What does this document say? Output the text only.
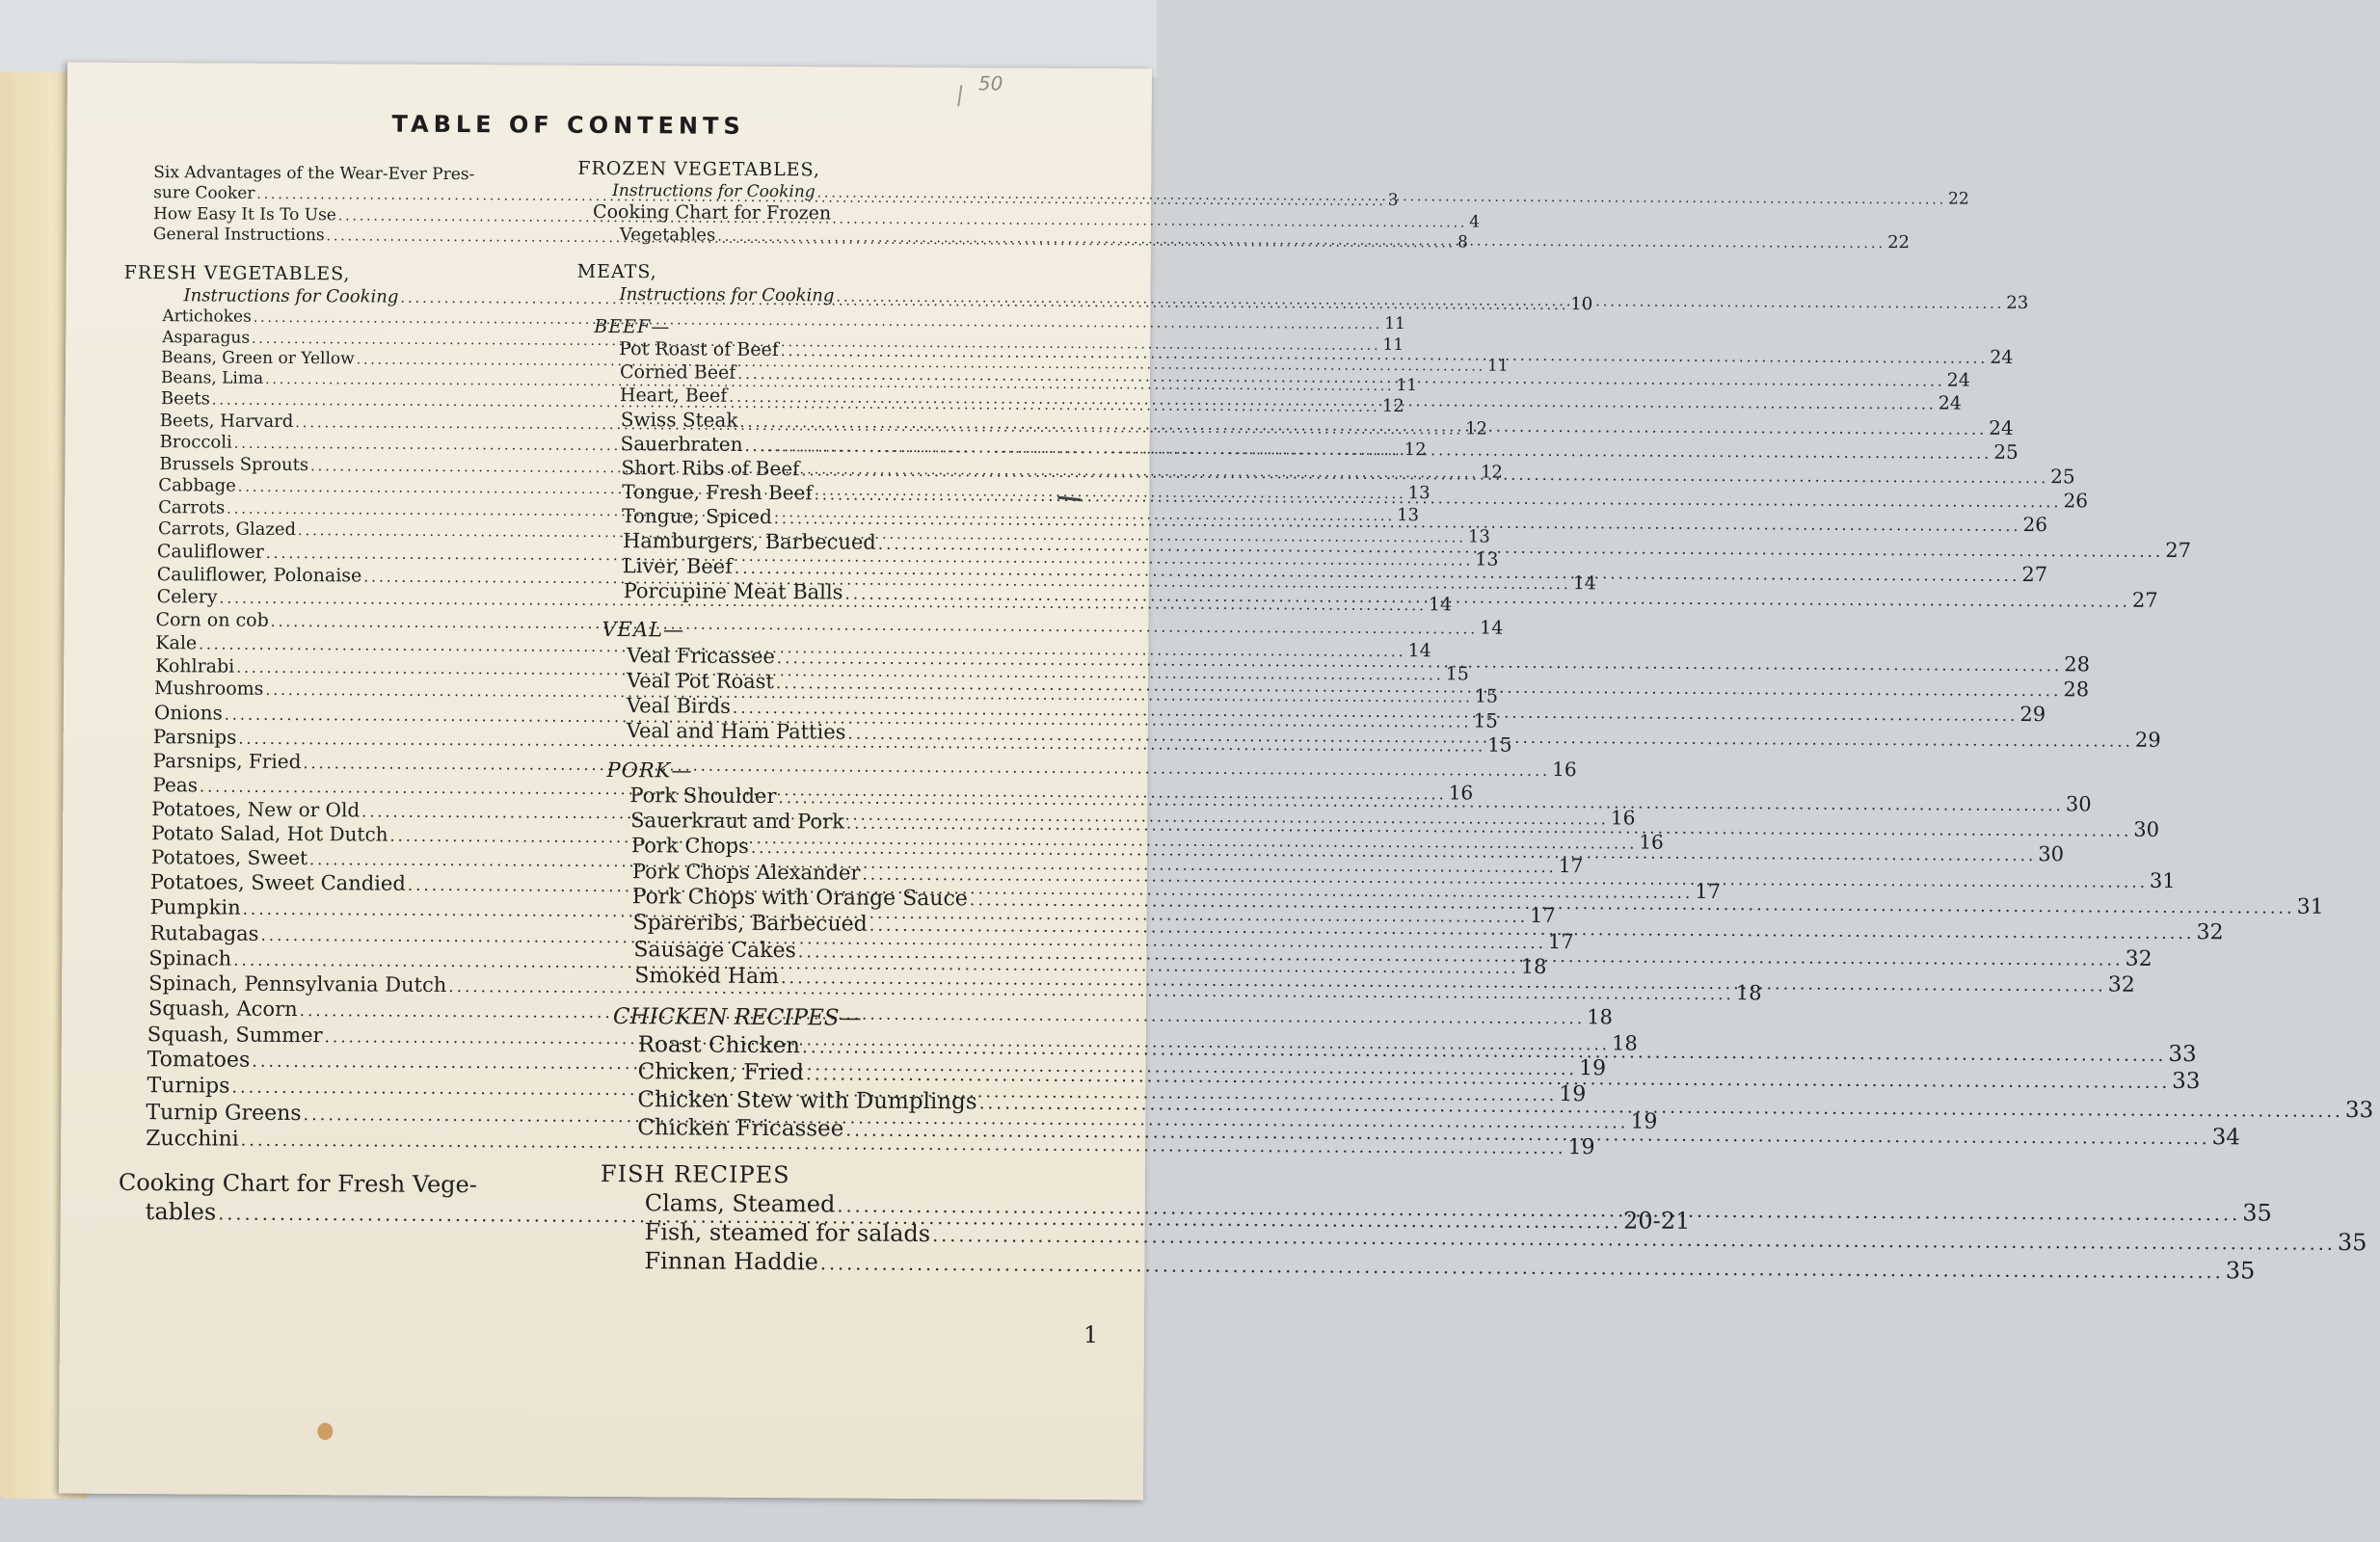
50
TABLE OF CONTENTS
Six Advantages of the Wear-Ever Pres-
sure Cooker .....	3
How Easy It Is To Use .....	4
General Instructions .....	8
FRESH VEGETABLES,
Instructions for Cooking .....	10
Artichokes .....	11
Asparagus .....	11
Beans, Green or Yellow .....	11
Beans, Lima .....	11
Beets .....	12
Beets, Harvard .....	12
Broccoli .....	12
Brussels Sprouts .....	12
Cabbage .....	13
Carrots .....	13
Carrots, Glazed .....	13
Cauliflower .....	13
Cauliflower, Polonaise .....	14
Celery .....	14
Corn on cob .....	14
Kale .....	14
Kohlrabi .....	15
Mushrooms .....	15
Onions .....	15
Parsnips .....	15
Parsnips, Fried .....	16
Peas .....	16
Potatoes, New or Old .....	16
Potato Salad, Hot Dutch .....	16
Potatoes, Sweet .....	17
Potatoes, Sweet Candied .....	17
Pumpkin .....	17
Rutabagas .....	17
Spinach .....	18
Spinach, Pennsylvania Dutch .....	18
Squash, Acorn .....	18
Squash, Summer .....	18
Tomatoes .....	19
Turnips .....	19
Turnip Greens .....	19
Zucchini .....	19
Cooking Chart for Fresh Vege-
tables .....	20-21
FROZEN VEGETABLES,
Instructions for Cooking .....	22
Cooking Chart for Frozen
Vegetables .....	22
MEATS,
Instructions for Cooking .....	23
BEEF—
Pot Roast of Beef .....	24
Corned Beef .....	24
Heart, Beef .....	24
Swiss Steak .....	24
Sauerbraten .....	25
Short Ribs of Beef .....	25
Tongue, Fresh Beef .....	26
Tongue, Spiced .....	26
Hamburgers, Barbecued .....	27
Liver, Beef .....	27
Porcupine Meat Balls .....	27
VEAL—
Veal Fricassee .....	28
Veal Pot Roast .....	28
Veal Birds .....	29
Veal and Ham Patties .....	29
PORK—
Pork Shoulder .....	30
Sauerkraut and Pork .....	30
Pork Chops .....	30
Pork Chops Alexander .....	31
Pork Chops with Orange Sauce .....	31
Spareribs, Barbecued .....	32
Sausage Cakes .....	32
Smoked Ham .....	32
CHICKEN RECIPES—
Roast Chicken .....	33
Chicken, Fried .....	33
Chicken Stew with Dumplings .....	33
Chicken Fricassee .....	34
FISH RECIPES
Clams, Steamed .....	35
Fish, steamed for salads .....	35
Finnan Haddie .....	35
1
